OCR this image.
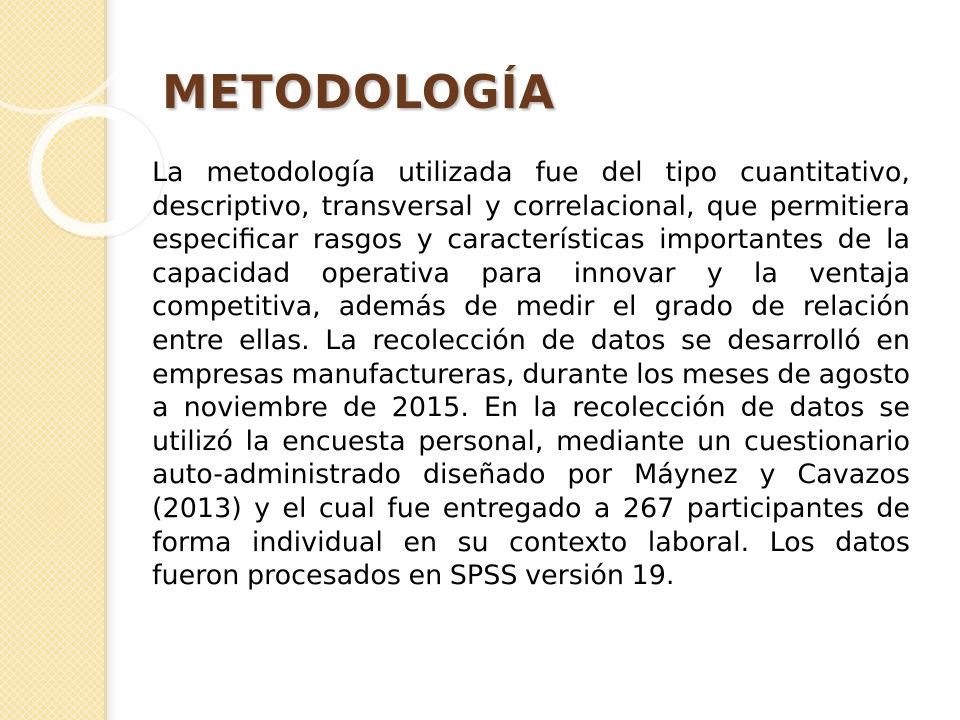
METODOLOGÍA

La metodología utilizada fue del tipo cuantitativo, descriptivo, transversal y correlacional, que permitiera especificar rasgos y características importantes de la capacidad operativa para innovar y la ventaja competitiva, además de medir el grado de relación entre ellas. La recolección de datos se desarrolló en empresas manufactureras, durante los meses de agosto a noviembre de 2015. En la recolección de datos se utilizó la encuesta personal, mediante un cuestionario auto-administrado diseñado por Máynez y Cavazos (2013) y el cual fue entregado a 267 participantes de forma individual en su contexto laboral. Los datos fueron procesados en SPSS versión 19.
